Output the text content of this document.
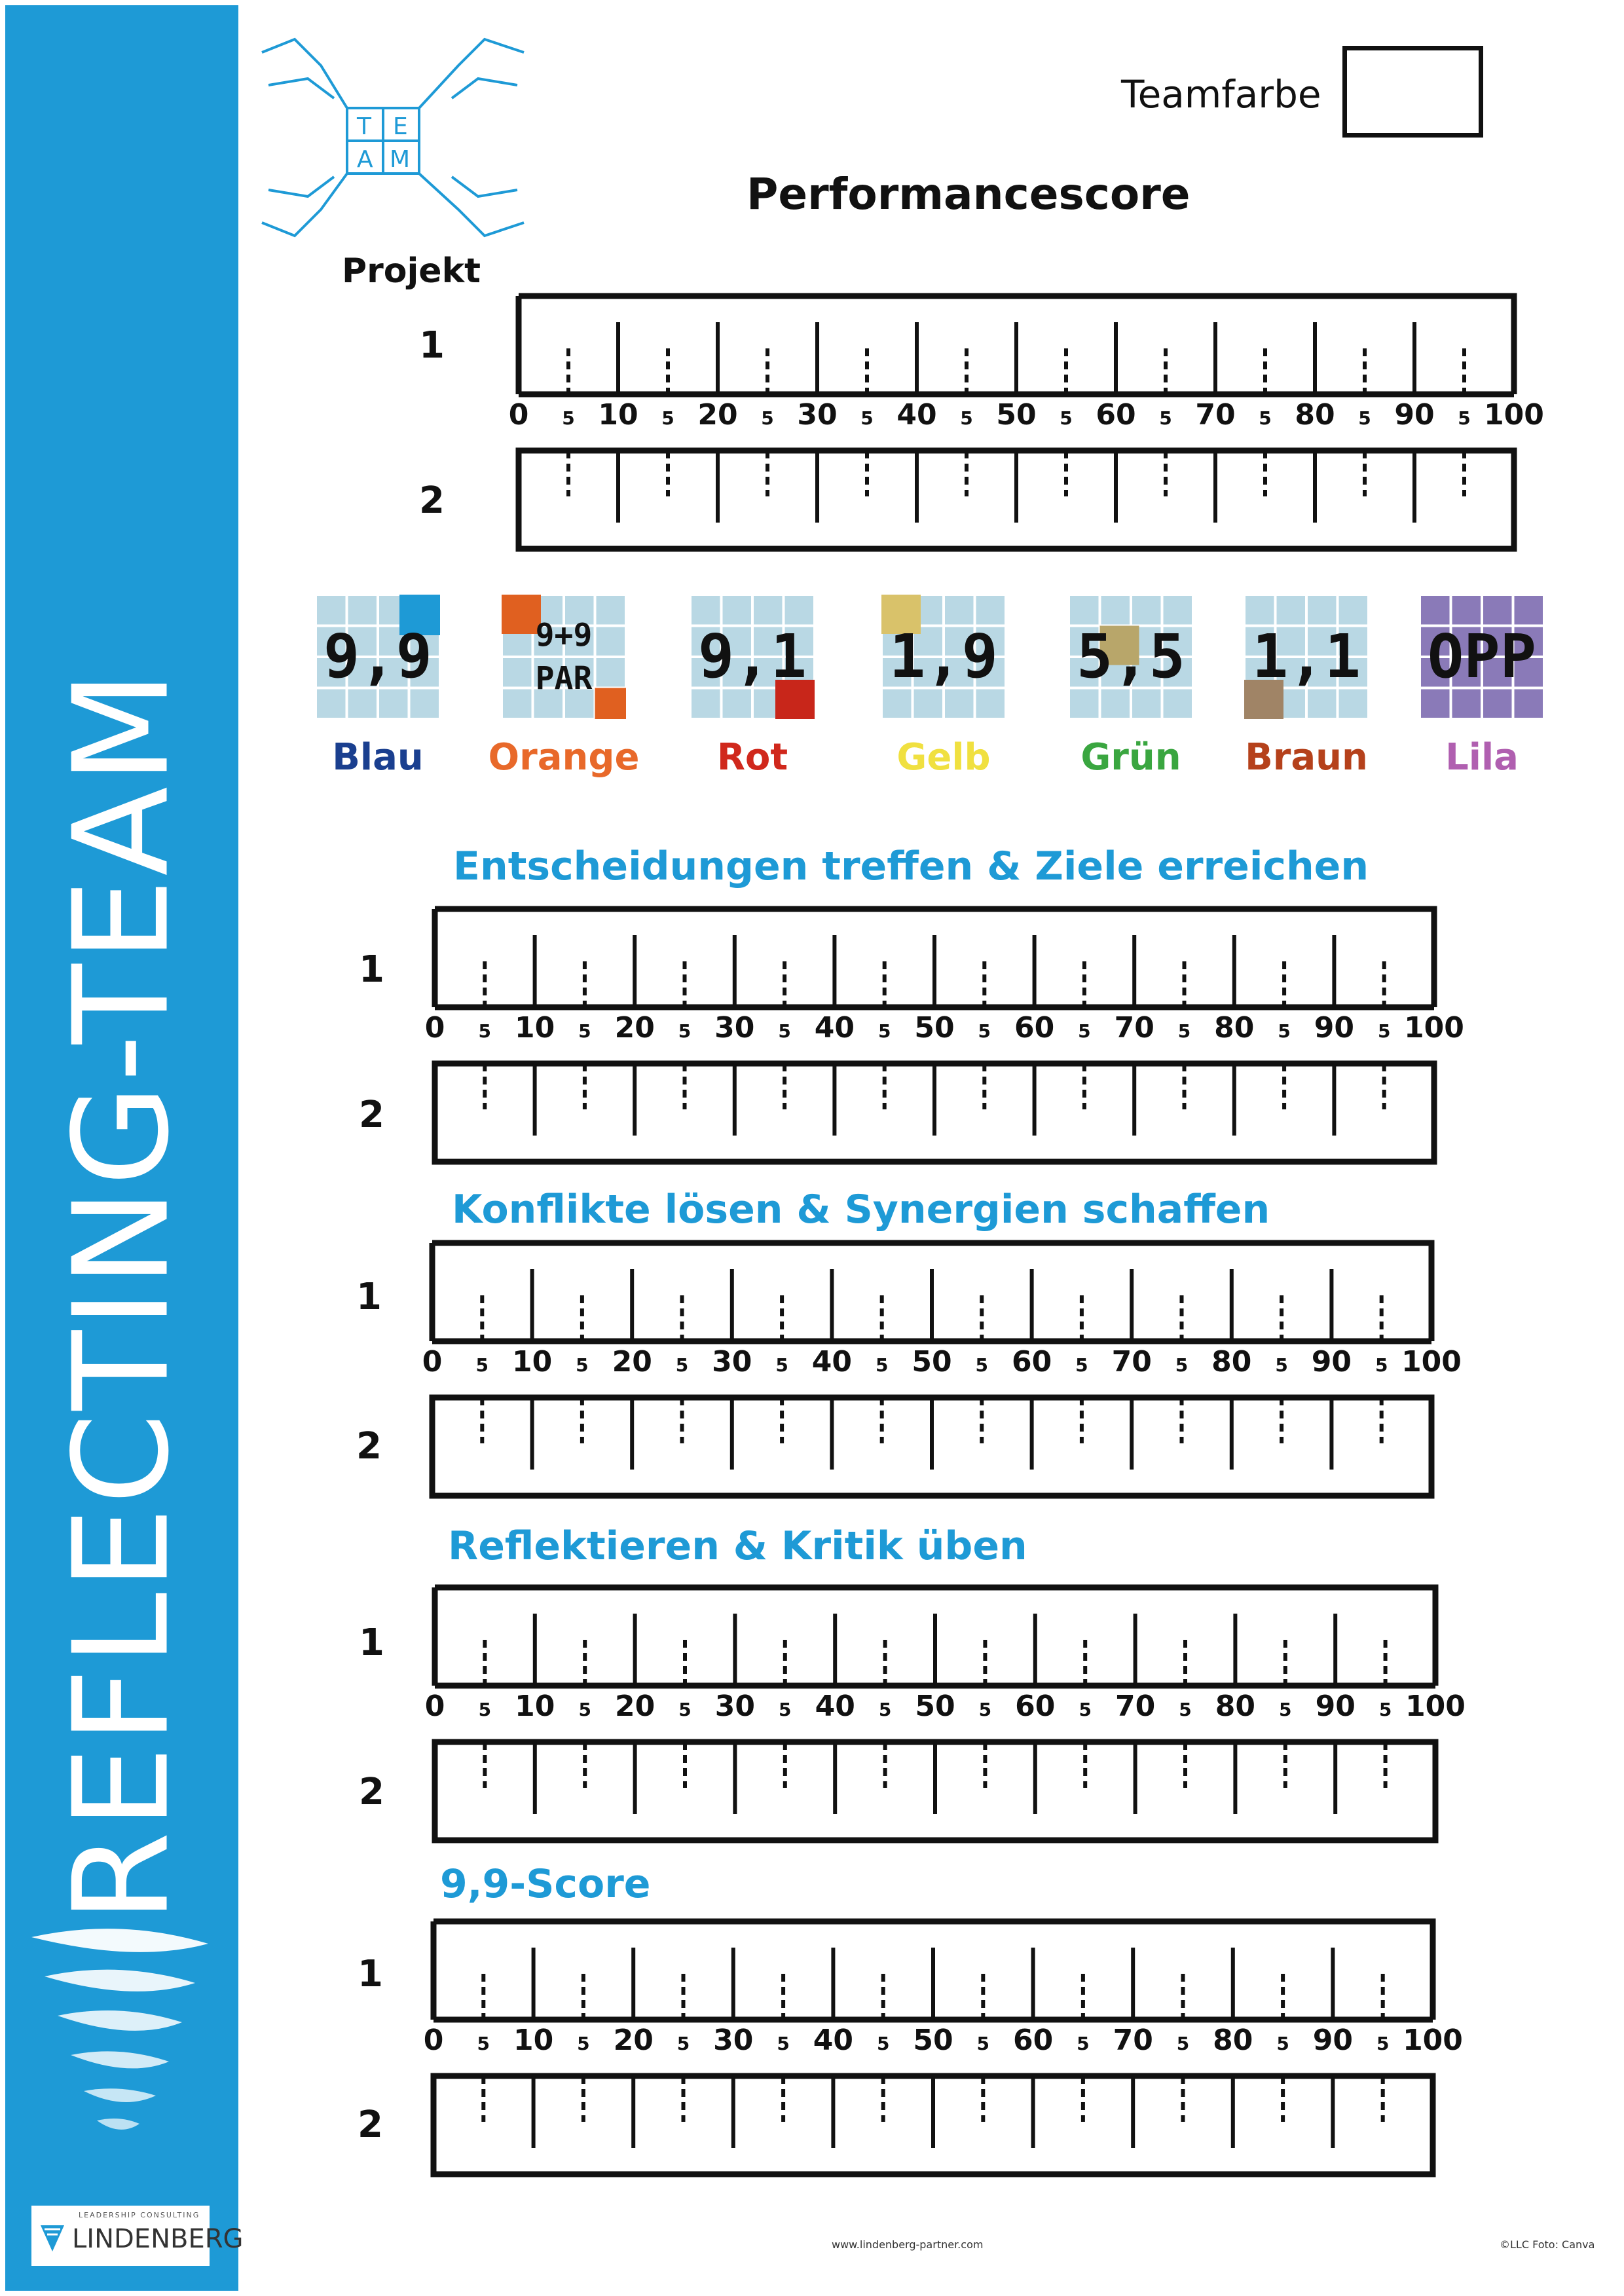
REFLECTING-TEAM
LEADERSHIP CONSULTING
LINDENBERG
T E
A M
Teamfarbe
Performancescore
Projekt
1
2
0 5 10 5 20 5 30 5 40 5 50 5 60 5 70 5 80 5 90 5 100
1
2
0 5 10 5 20 5 30 5 40 5 50 5 60 5 70 5 80 5 90 5 100
1
2
0 5 10 5 20 5 30 5 40 5 50 5 60 5 70 5 80 5 90 5 100
1
2
0 5 10 5 20 5 30 5 40 5 50 5 60 5 70 5 80 5 90 5 100
1
2
0 5 10 5 20 5 30 5 40 5 50 5 60 5 70 5 80 5 90 5 100
9,9
Blau
9+9
PAR
Orange
9,1
Rot
1,9
Gelb
5,5
Grün
1,1
Braun
OPP
Lila
Entscheidungen treffen & Ziele erreichen
Konflikte lösen & Synergien schaffen
Reflektieren & Kritik üben
9,9-Score
www.lindenberg-partner.com	©LLC Foto: Canva
